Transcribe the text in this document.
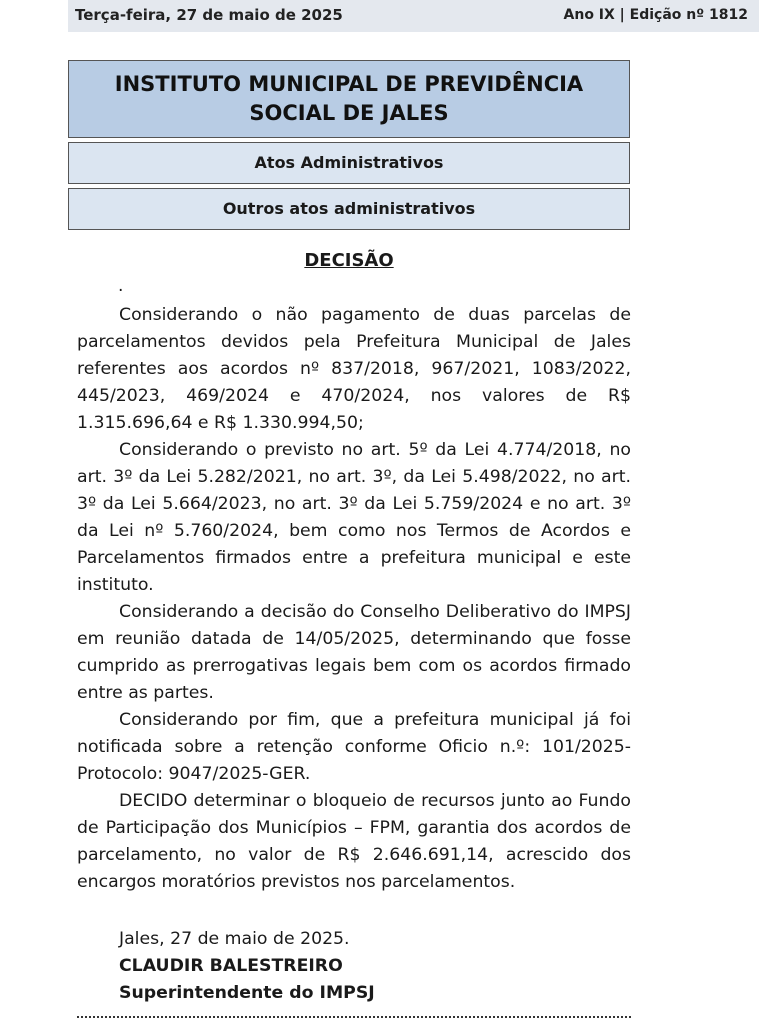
Terça-feira, 27 de maio de 2025	Ano IX | Edição nº 1812
INSTITUTO MUNICIPAL DE PREVIDÊNCIA
SOCIAL DE JALES
Atos Administrativos
Outros atos administrativos
DECISÃO
.

Considerando o não pagamento de duas parcelas de parcelamentos devidos pela Prefeitura Municipal de Jales referentes aos acordos nº 837/2018, 967/2021, 1083/2022, 445/2023, 469/2024 e 470/2024, nos valores de R$ 1.315.696,64 e R$ 1.330.994,50;

Considerando o previsto no art. 5º da Lei 4.774/2018, no art. 3º da Lei 5.282/2021, no art. 3º, da Lei 5.498/2022, no art. 3º da Lei 5.664/2023, no art. 3º da Lei 5.759/2024 e no art. 3º da Lei nº 5.760/2024, bem como nos Termos de Acordos e Parcelamentos firmados entre a prefeitura municipal e este instituto.

Considerando a decisão do Conselho Deliberativo do IMPSJ em reunião datada de 14/05/2025, determinando que fosse cumprido as prerrogativas legais bem com os acordos firmado entre as partes.

Considerando por fim, que a prefeitura municipal já foi notificada sobre a retenção conforme Oficio n.º: 101/2025-Protocolo: 9047/2025-GER.

DECIDO determinar o bloqueio de recursos junto ao Fundo de Participação dos Municípios – FPM, garantia dos acordos de parcelamento, no valor de R$ 2.646.691,14, acrescido dos encargos moratórios previstos nos parcelamentos.

Jales, 27 de maio de 2025.
CLAUDIR BALESTREIRO
Superintendente do IMPSJ
